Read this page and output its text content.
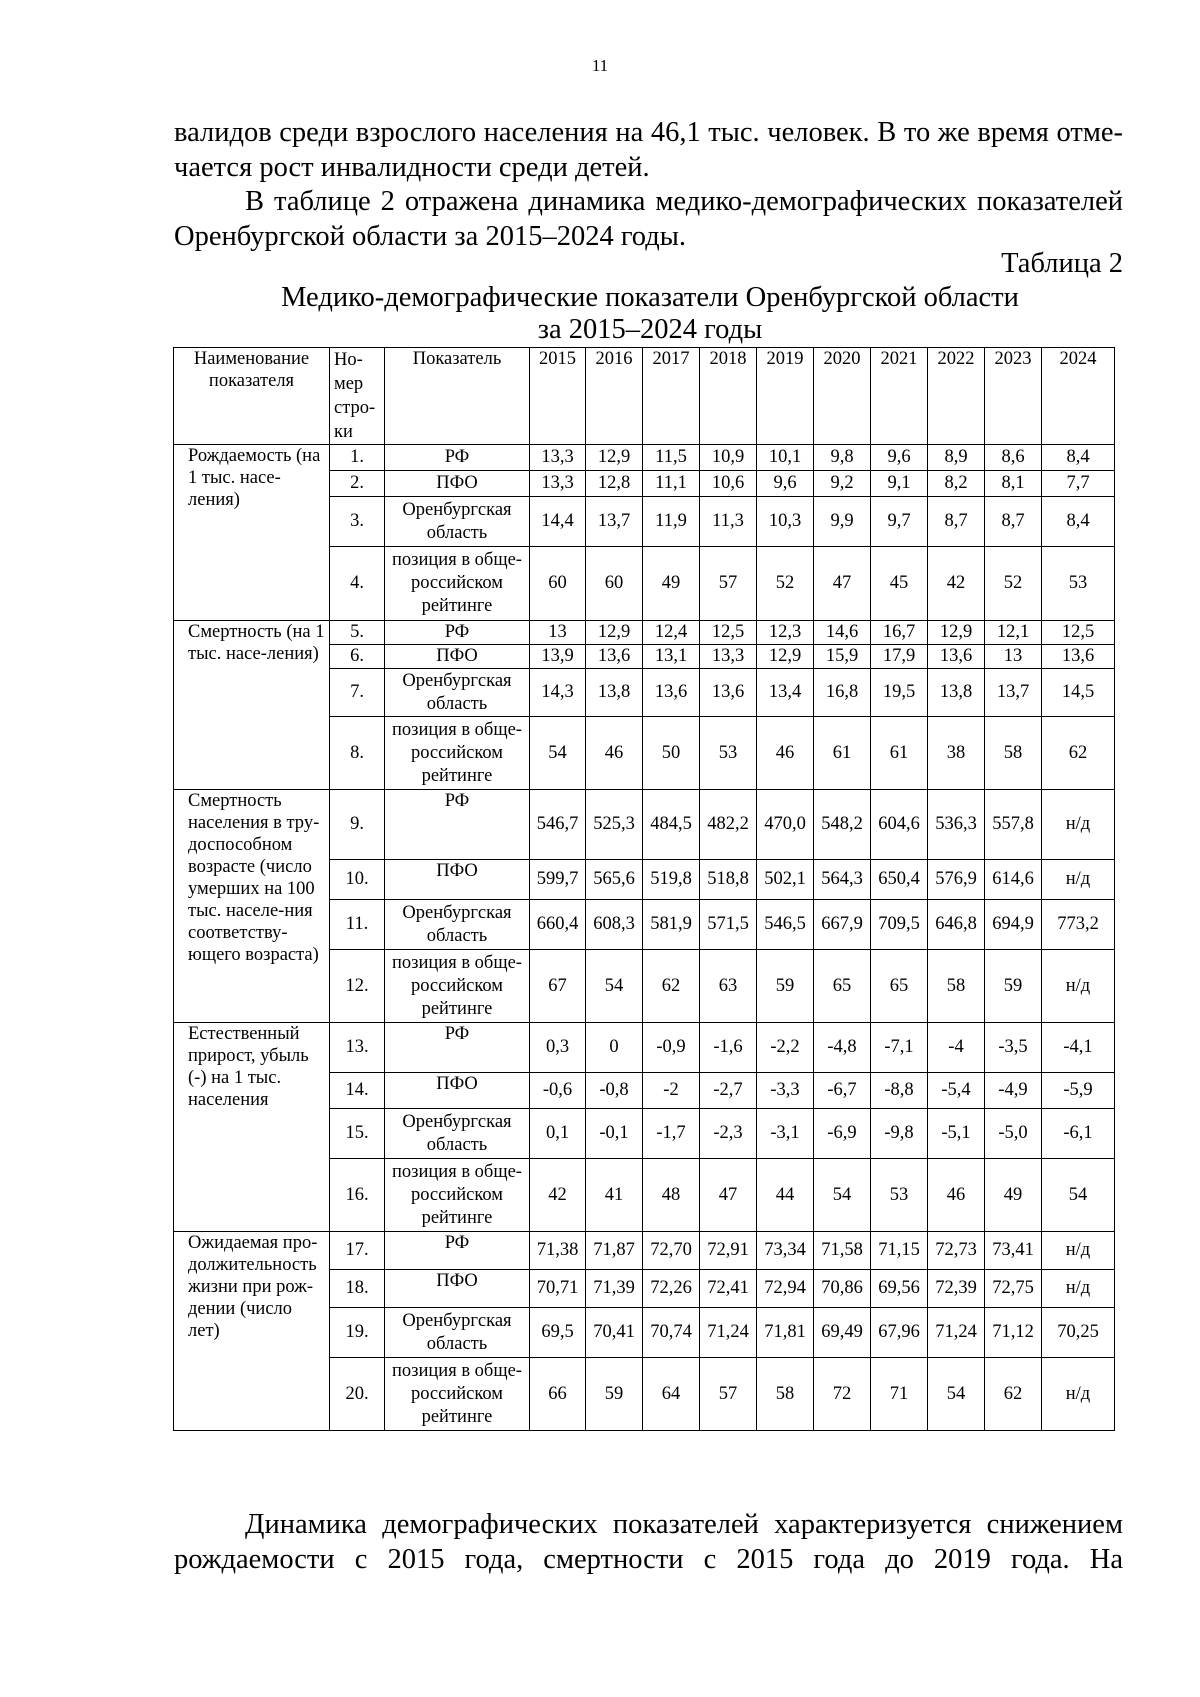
11
валидов среди взрослого населения на 46,1 тыс. человек. В то же время отме-
чается рост инвалидности среди детей.
В таблице 2 отражена динамика медико-демографических показателей
Оренбургской области за 2015–2024 годы.
Таблица 2
Медико-демографические показатели Оренбургской области
за 2015–2024 годы
Наименование показателя	Но-мер стро-ки	Показатель	2015	2016	2017	2018	2019	2020	2021	2022	2023	2024
Рождаемость (на 1 тыс. насе-ления)	1.	РФ	13,3	12,9	11,5	10,9	10,1	9,8	9,6	8,9	8,6	8,4
	2.	ПФО	13,3	12,8	11,1	10,6	9,6	9,2	9,1	8,2	8,1	7,7
	3.	Оренбургская область	14,4	13,7	11,9	11,3	10,3	9,9	9,7	8,7	8,7	8,4
	4.	позиция в обще-российском рейтинге	60	60	49	57	52	47	45	42	52	53
Смертность (на 1 тыс. насе-ления)	5.	РФ	13	12,9	12,4	12,5	12,3	14,6	16,7	12,9	12,1	12,5
	6.	ПФО	13,9	13,6	13,1	13,3	12,9	15,9	17,9	13,6	13	13,6
	7.	Оренбургская область	14,3	13,8	13,6	13,6	13,4	16,8	19,5	13,8	13,7	14,5
	8.	позиция в обще-российском рейтинге	54	46	50	53	46	61	61	38	58	62
Смертность населения в тру-доспособном возрасте (число умерших на 100 тыс. населе-ния соответству-ющего возраста)	9.	РФ	546,7	525,3	484,5	482,2	470,0	548,2	604,6	536,3	557,8	н/д
	10.	ПФО	599,7	565,6	519,8	518,8	502,1	564,3	650,4	576,9	614,6	н/д
	11.	Оренбургская область	660,4	608,3	581,9	571,5	546,5	667,9	709,5	646,8	694,9	773,2
	12.	позиция в обще-российском рейтинге	67	54	62	63	59	65	65	58	59	н/д
Естественный прирост, убыль (-) на 1 тыс. населения	13.	РФ	0,3	0	-0,9	-1,6	-2,2	-4,8	-7,1	-4	-3,5	-4,1
	14.	ПФО	-0,6	-0,8	-2	-2,7	-3,3	-6,7	-8,8	-5,4	-4,9	-5,9
	15.	Оренбургская область	0,1	-0,1	-1,7	-2,3	-3,1	-6,9	-9,8	-5,1	-5,0	-6,1
	16.	позиция в обще-российском рейтинге	42	41	48	47	44	54	53	46	49	54
Ожидаемая про-должительность жизни при рож-дении (число лет)	17.	РФ	71,38	71,87	72,70	72,91	73,34	71,58	71,15	72,73	73,41	н/д
	18.	ПФО	70,71	71,39	72,26	72,41	72,94	70,86	69,56	72,39	72,75	н/д
	19.	Оренбургская область	69,5	70,41	70,74	71,24	71,81	69,49	67,96	71,24	71,12	70,25
	20.	позиция в обще-российском рейтинге	66	59	64	57	58	72	71	54	62	н/д
Динамика демографических показателей характеризуется снижением
рождаемости с 2015 года, смертности с 2015 года до 2019 года. На
